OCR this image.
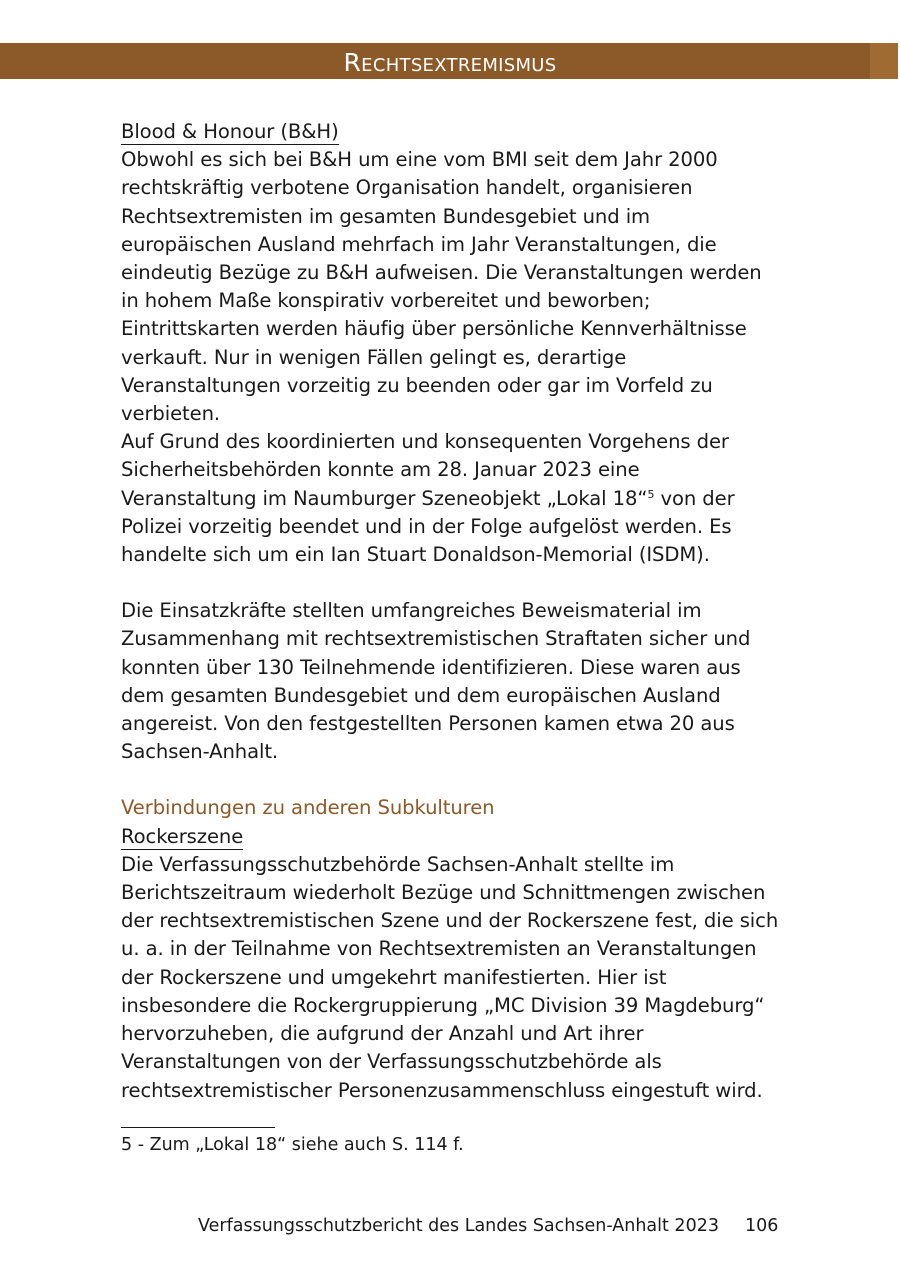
Rechtsextremismus

Blood & Honour (B&H)

Obwohl es sich bei B&H um eine vom BMI seit dem Jahr 2000 rechtskräftig verbotene Organisation handelt, organisieren Rechtsextremisten im gesamten Bundesgebiet und im europäischen Ausland mehrfach im Jahr Veranstaltungen, die eindeutig Bezüge zu B&H aufweisen. Die Veranstaltungen werden in hohem Maße konspirativ vorbereitet und beworben; Eintrittskarten werden häufig über persönliche Kennverhältnisse verkauft. Nur in wenigen Fällen gelingt es, derartige Veranstaltungen vorzeitig zu beenden oder gar im Vorfeld zu verbieten.

Auf Grund des koordinierten und konsequenten Vorgehens der Sicherheitsbehörden konnte am 28. Januar 2023 eine Veranstaltung im Naumburger Szeneobjekt „Lokal 18“$^5$ von der Polizei vorzeitig beendet und in der Folge aufgelöst werden. Es handelte sich um ein Ian Stuart Donaldson-Memorial (ISDM).

Die Einsatzkräfte stellten umfangreiches Beweismaterial im Zusammenhang mit rechtsextremistischen Straftaten sicher und konnten über 130 Teilnehmende identifizieren. Diese waren aus dem gesamten Bundesgebiet und dem europäischen Ausland angereist. Von den festgestellten Personen kamen etwa 20 aus Sachsen-Anhalt.

Verbindungen zu anderen Subkulturen

Rockerszene

Die Verfassungsschutzbehörde Sachsen-Anhalt stellte im Berichtszeitraum wiederholt Bezüge und Schnittmengen zwischen der rechtsextremistischen Szene und der Rockerszene fest, die sich u. a. in der Teilnahme von Rechtsextremisten an Veranstaltungen der Rockerszene und umgekehrt manifestierten. Hier ist insbesondere die Rockergruppierung „MC Division 39 Magdeburg“ hervorzuheben, die aufgrund der Anzahl und Art ihrer Veranstaltungen von der Verfassungsschutzbehörde als rechtsextremistischer Personenzusammenschluss eingestuft wird.

5 - Zum „Lokal 18“ siehe auch S. 114 f.
Verfassungsschutzbericht des Landes Sachsen-Anhalt 2023 106
